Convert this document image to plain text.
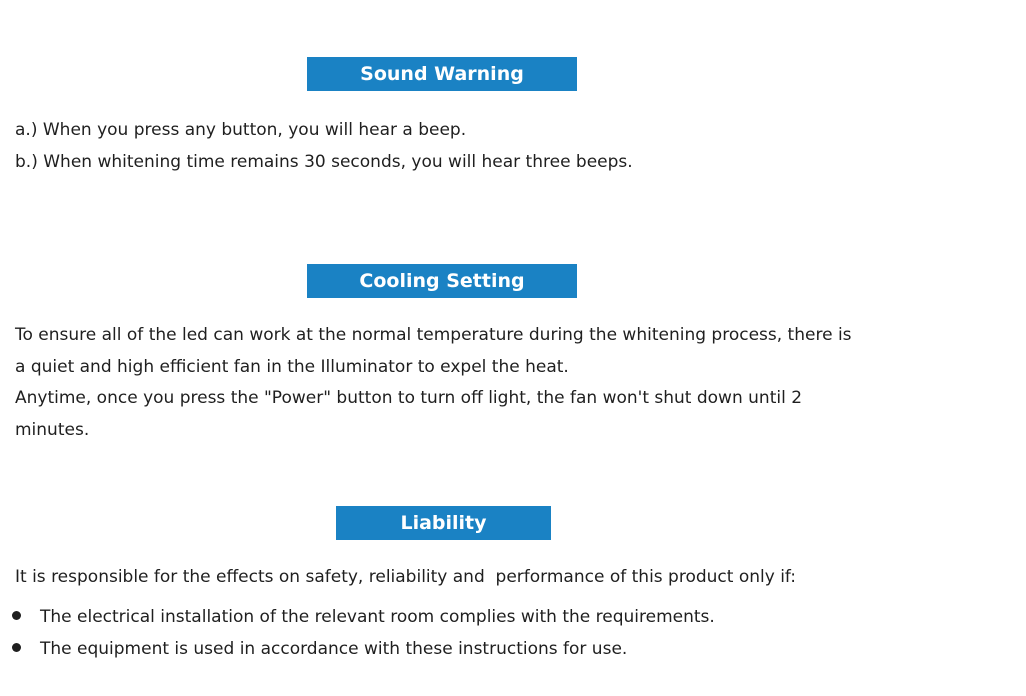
Sound Warning
a.) When you press any button, you will hear a beep.
b.) When whitening time remains 30 seconds, you will hear three beeps.
Cooling Setting
To ensure all of the led can work at the normal temperature during the whitening process, there is
a quiet and high efficient fan in the Illuminator to expel the heat.
Anytime, once you press the "Power" button to turn off light, the fan won't shut down until 2
minutes.
Liability
It is responsible for the effects on safety, reliability and  performance of this product only if:
The electrical installation of the relevant room complies with the requirements.
The equipment is used in accordance with these instructions for use.
